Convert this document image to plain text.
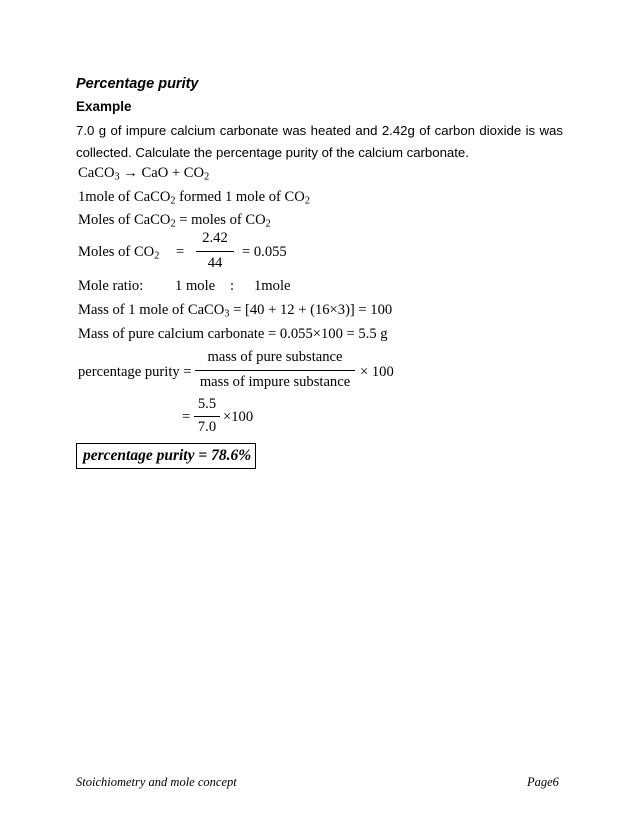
Percentage purity
Example
7.0 g of impure calcium carbonate was heated and 2.42g of carbon dioxide is was
collected. Calculate the percentage purity of the calcium carbonate.
CaCO$_3$ → CaO + $CO_2$
1mole of CaCO$_2$ formed 1 mole of $CO_2$
Moles of CaCO$_2$ = moles of $CO_2$
Moles of $CO_2$ =
2.42
44
= 0.055
Mole ratio: 1 mole : 1mole
Mass of 1 mole of CaCO$_3$ = [40 + 12 + (16×3)] = 100
Mass of pure calcium carbonate = 0.055×100 = 5.5 g
percentage purity =
mass of pure substance
mass of impure substance
× 100
=
5.5
7.0
×100
percentage purity = 78.6%
Stoichiometry and mole concept	Page6
